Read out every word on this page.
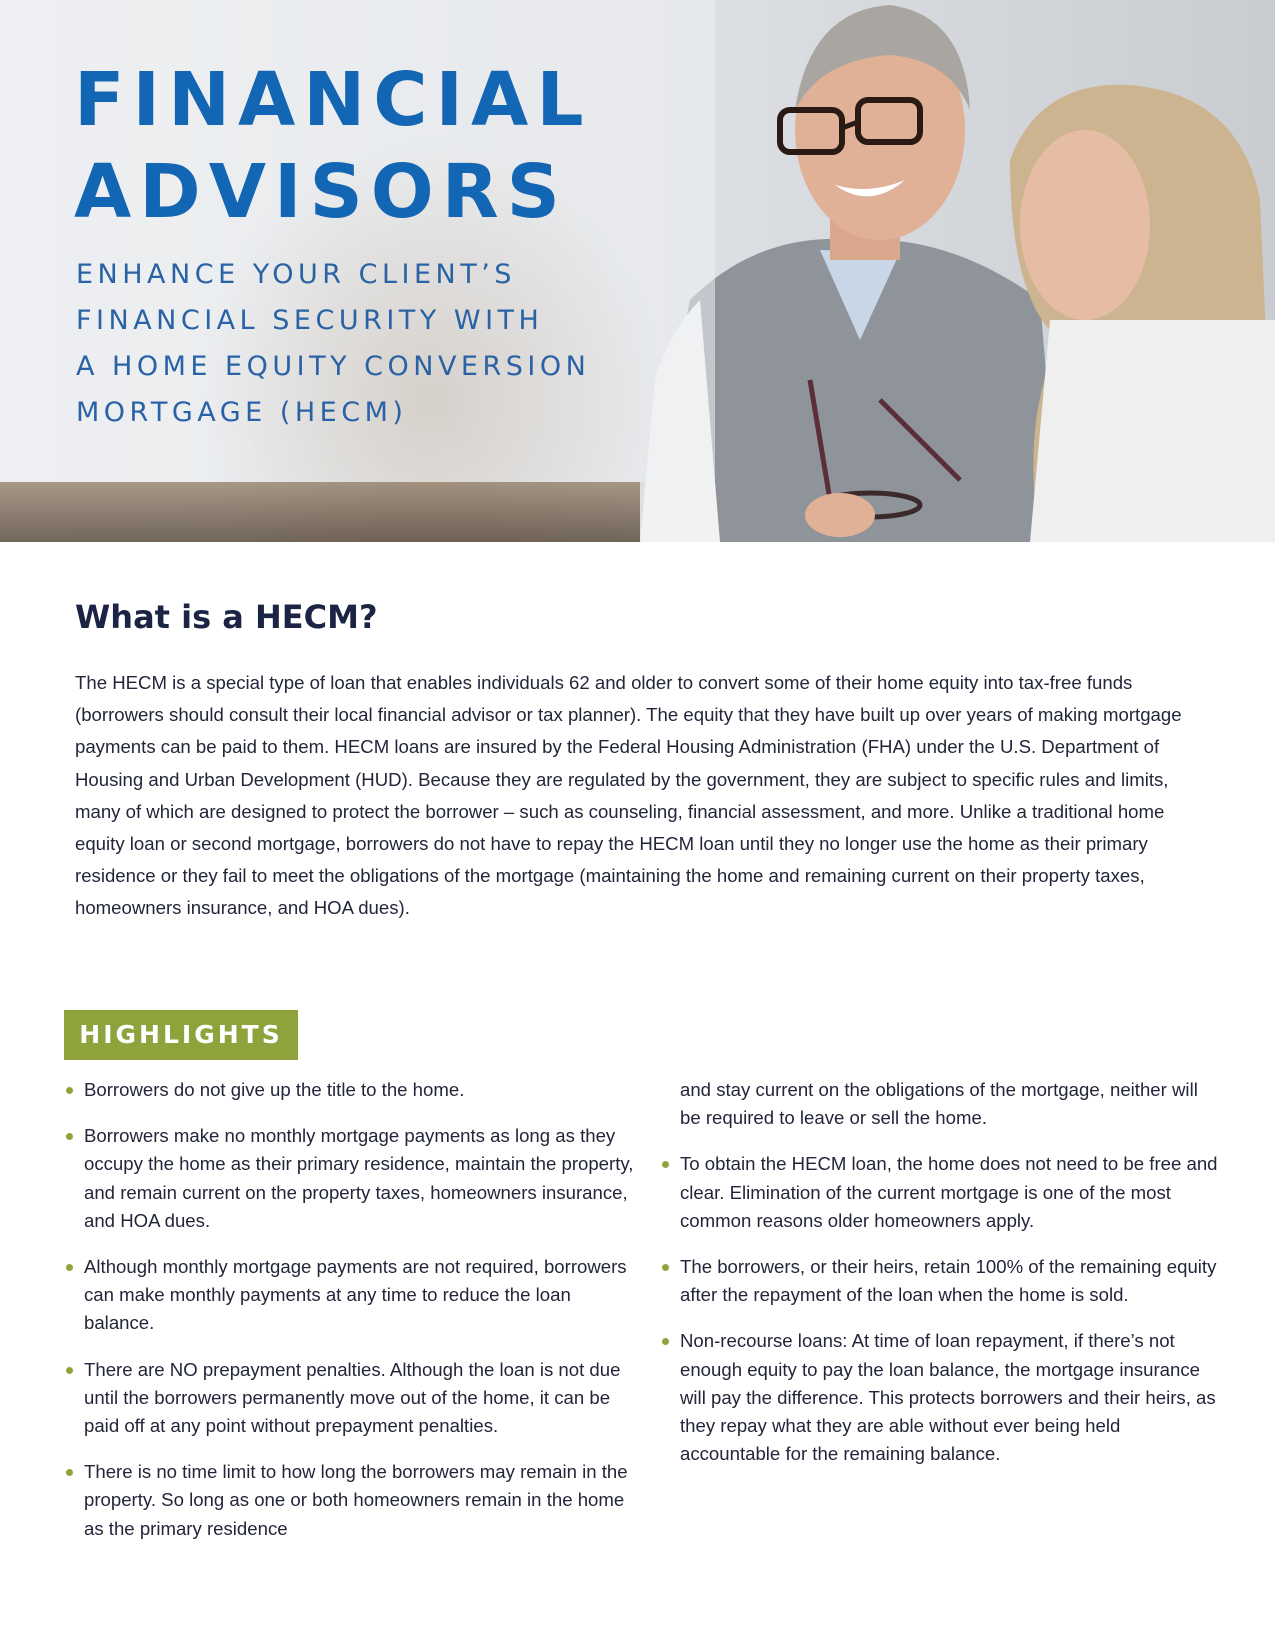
FINANCIAL
ADVISORS
ENHANCE YOUR CLIENT’S
FINANCIAL SECURITY WITH
A HOME EQUITY CONVERSION
MORTGAGE (HECM)
What is a HECM?

The HECM is a special type of loan that enables individuals 62 and older to convert some of their home equity into tax-free funds (borrowers should consult their local financial advisor or tax planner). The equity that they have built up over years of making mortgage payments can be paid to them. HECM loans are insured by the Federal Housing Administration (FHA) under the U.S. Department of Housing and Urban Development (HUD). Because they are regulated by the government, they are subject to specific rules and limits, many of which are designed to protect the borrower – such as counseling, financial assessment, and more. Unlike a traditional home equity loan or second mortgage, borrowers do not have to repay the HECM loan until they no longer use the home as their primary residence or they fail to meet the obligations of the mortgage (maintaining the home and remaining current on their property taxes, homeowners insurance, and HOA dues).

HIGHLIGHTS
Borrowers do not give up the title to the home.
Borrowers make no monthly mortgage payments as long as they occupy the home as their primary residence, maintain the property, and remain current on the property taxes, homeowners insurance, and HOA dues.
Although monthly mortgage payments are not required, borrowers can make monthly payments at any time to reduce the loan balance.
There are NO prepayment penalties. Although the loan is not due until the borrowers permanently move out of the home, it can be paid off at any point without prepayment penalties.
There is no time limit to how long the borrowers may remain in the property. So long as one or both homeowners remain in the home as the primary residence
and stay current on the obligations of the mortgage, neither will be required to leave or sell the home.
To obtain the HECM loan, the home does not need to be free and clear. Elimination of the current mortgage is one of the most common reasons older homeowners apply.
The borrowers, or their heirs, retain 100% of the remaining equity after the repayment of the loan when the home is sold.
Non-recourse loans: At time of loan repayment, if there’s not enough equity to pay the loan balance, the mortgage insurance will pay the difference. This protects borrowers and their heirs, as they repay what they are able without ever being held accountable for the remaining balance.
